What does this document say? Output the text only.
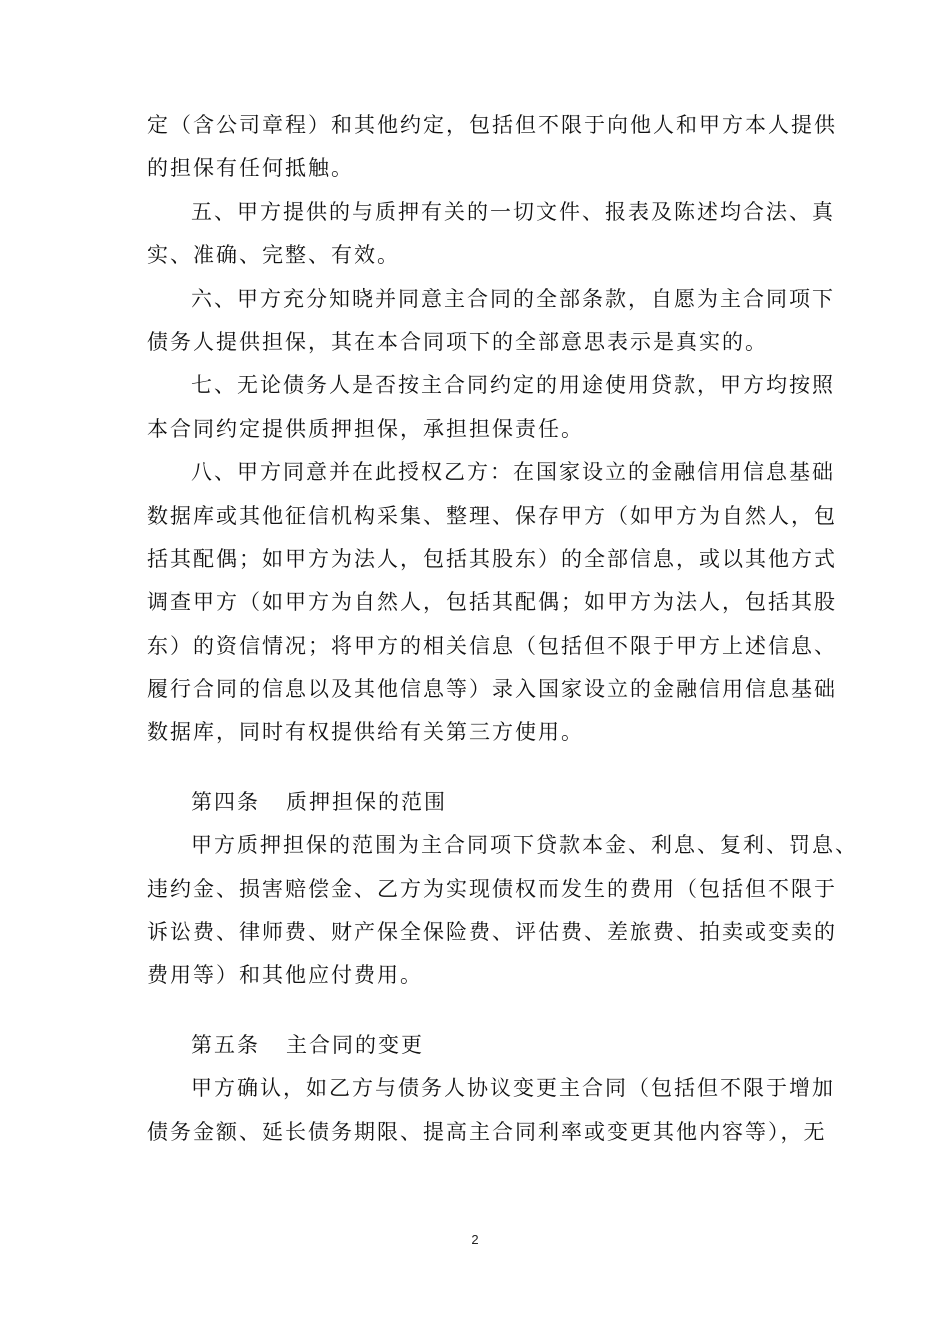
定（含公司章程）和其他约定，包括但不限于向他人和甲方本人提供
的担保有任何抵触。
五、甲方提供的与质押有关的一切文件、报表及陈述均合法、真
实、准确、完整、有效。
六、甲方充分知晓并同意主合同的全部条款，自愿为主合同项下
债务人提供担保，其在本合同项下的全部意思表示是真实的。
七、无论债务人是否按主合同约定的用途使用贷款，甲方均按照
本合同约定提供质押担保，承担担保责任。
八、甲方同意并在此授权乙方：在国家设立的金融信用信息基础
数据库或其他征信机构采集、整理、保存甲方（如甲方为自然人，包
括其配偶；如甲方为法人，包括其股东）的全部信息，或以其他方式
调查甲方（如甲方为自然人，包括其配偶；如甲方为法人，包括其股
东）的资信情况；将甲方的相关信息（包括但不限于甲方上述信息、
履行合同的信息以及其他信息等）录入国家设立的金融信用信息基础
数据库，同时有权提供给有关第三方使用。
第四条 质押担保的范围
甲方质押担保的范围为主合同项下贷款本金、利息、复利、罚息、
违约金、损害赔偿金、乙方为实现债权而发生的费用（包括但不限于
诉讼费、律师费、财产保全保险费、评估费、差旅费、拍卖或变卖的
费用等）和其他应付费用。
第五条 主合同的变更
甲方确认，如乙方与债务人协议变更主合同（包括但不限于增加
债务金额、延长债务期限、提高主合同利率或变更其他内容等），无
2
